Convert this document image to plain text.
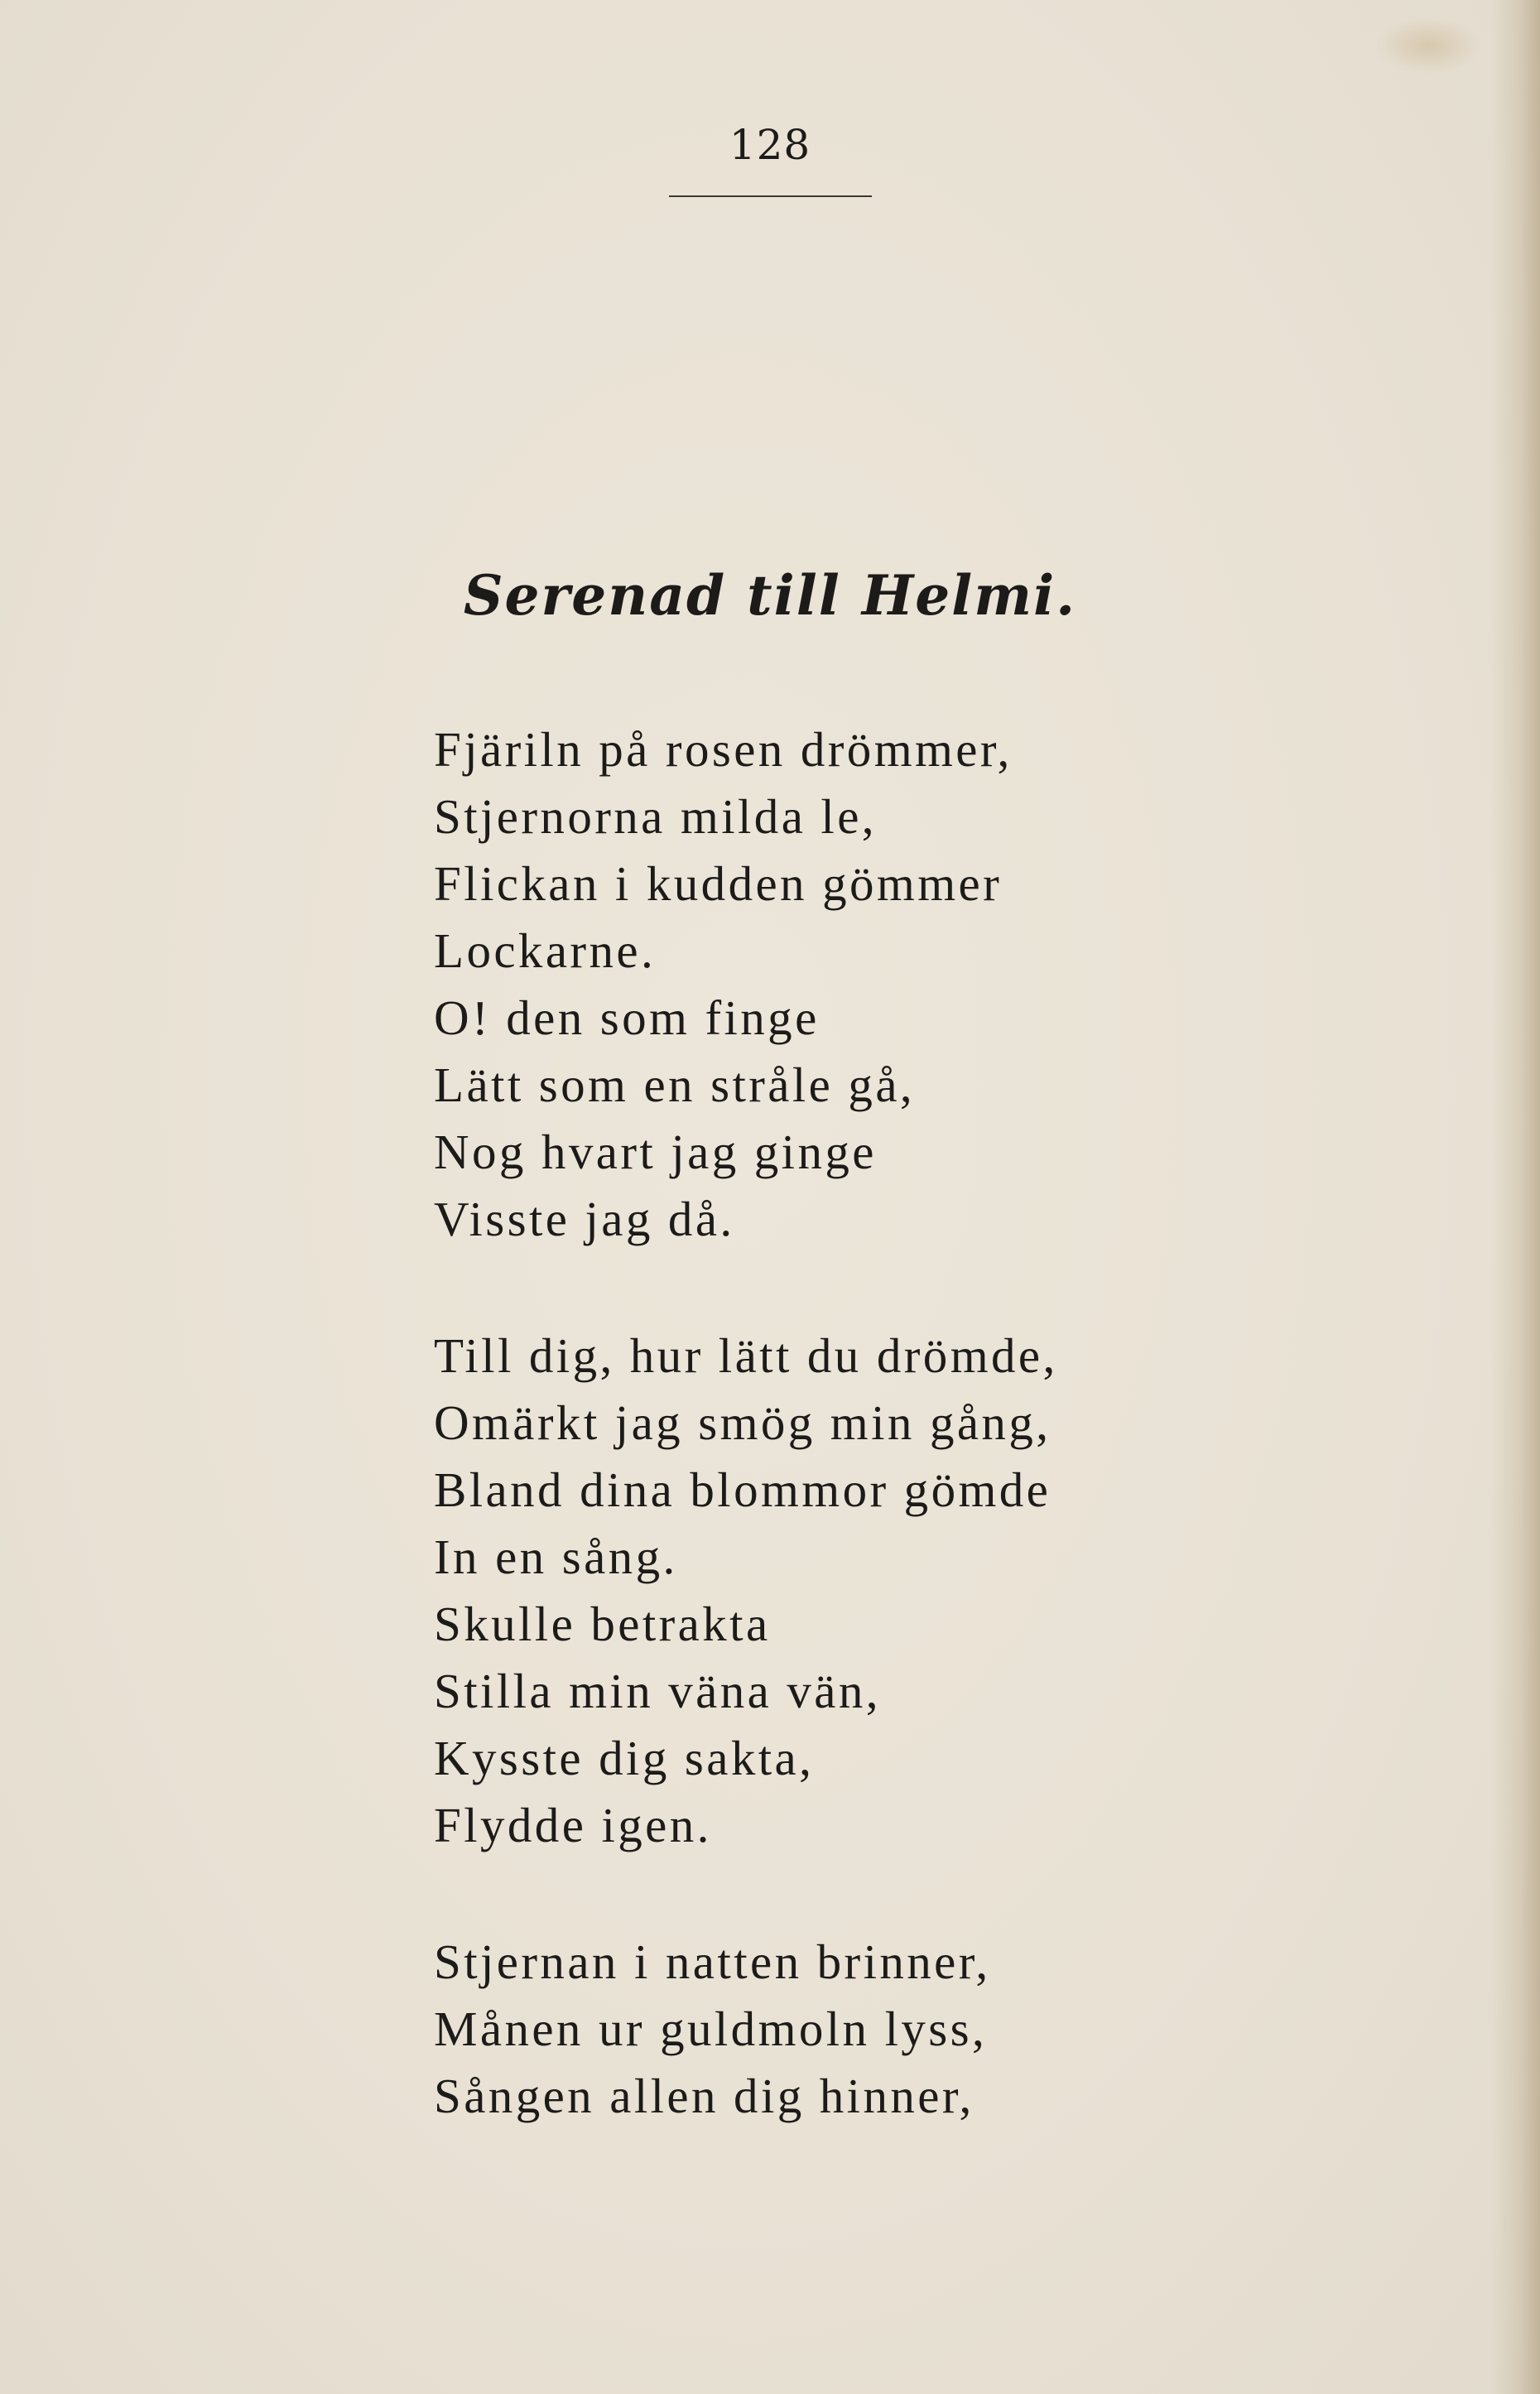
128
Serenad till Helmi.
Fjäriln på rosen drömmer,
Stjernorna milda le,
Flickan i kudden gömmer
Lockarne.
O! den som finge
Lätt som en stråle gå,
Nog hvart jag ginge
Visste jag då.
Till dig, hur lätt du drömde,
Omärkt jag smög min gång,
Bland dina blommor gömde
In en sång.
Skulle betrakta
Stilla min väna vän,
Kysste dig sakta,
Flydde igen.
Stjernan i natten brinner,
Månen ur guldmoln lyss,
Sången allen dig hinner,
